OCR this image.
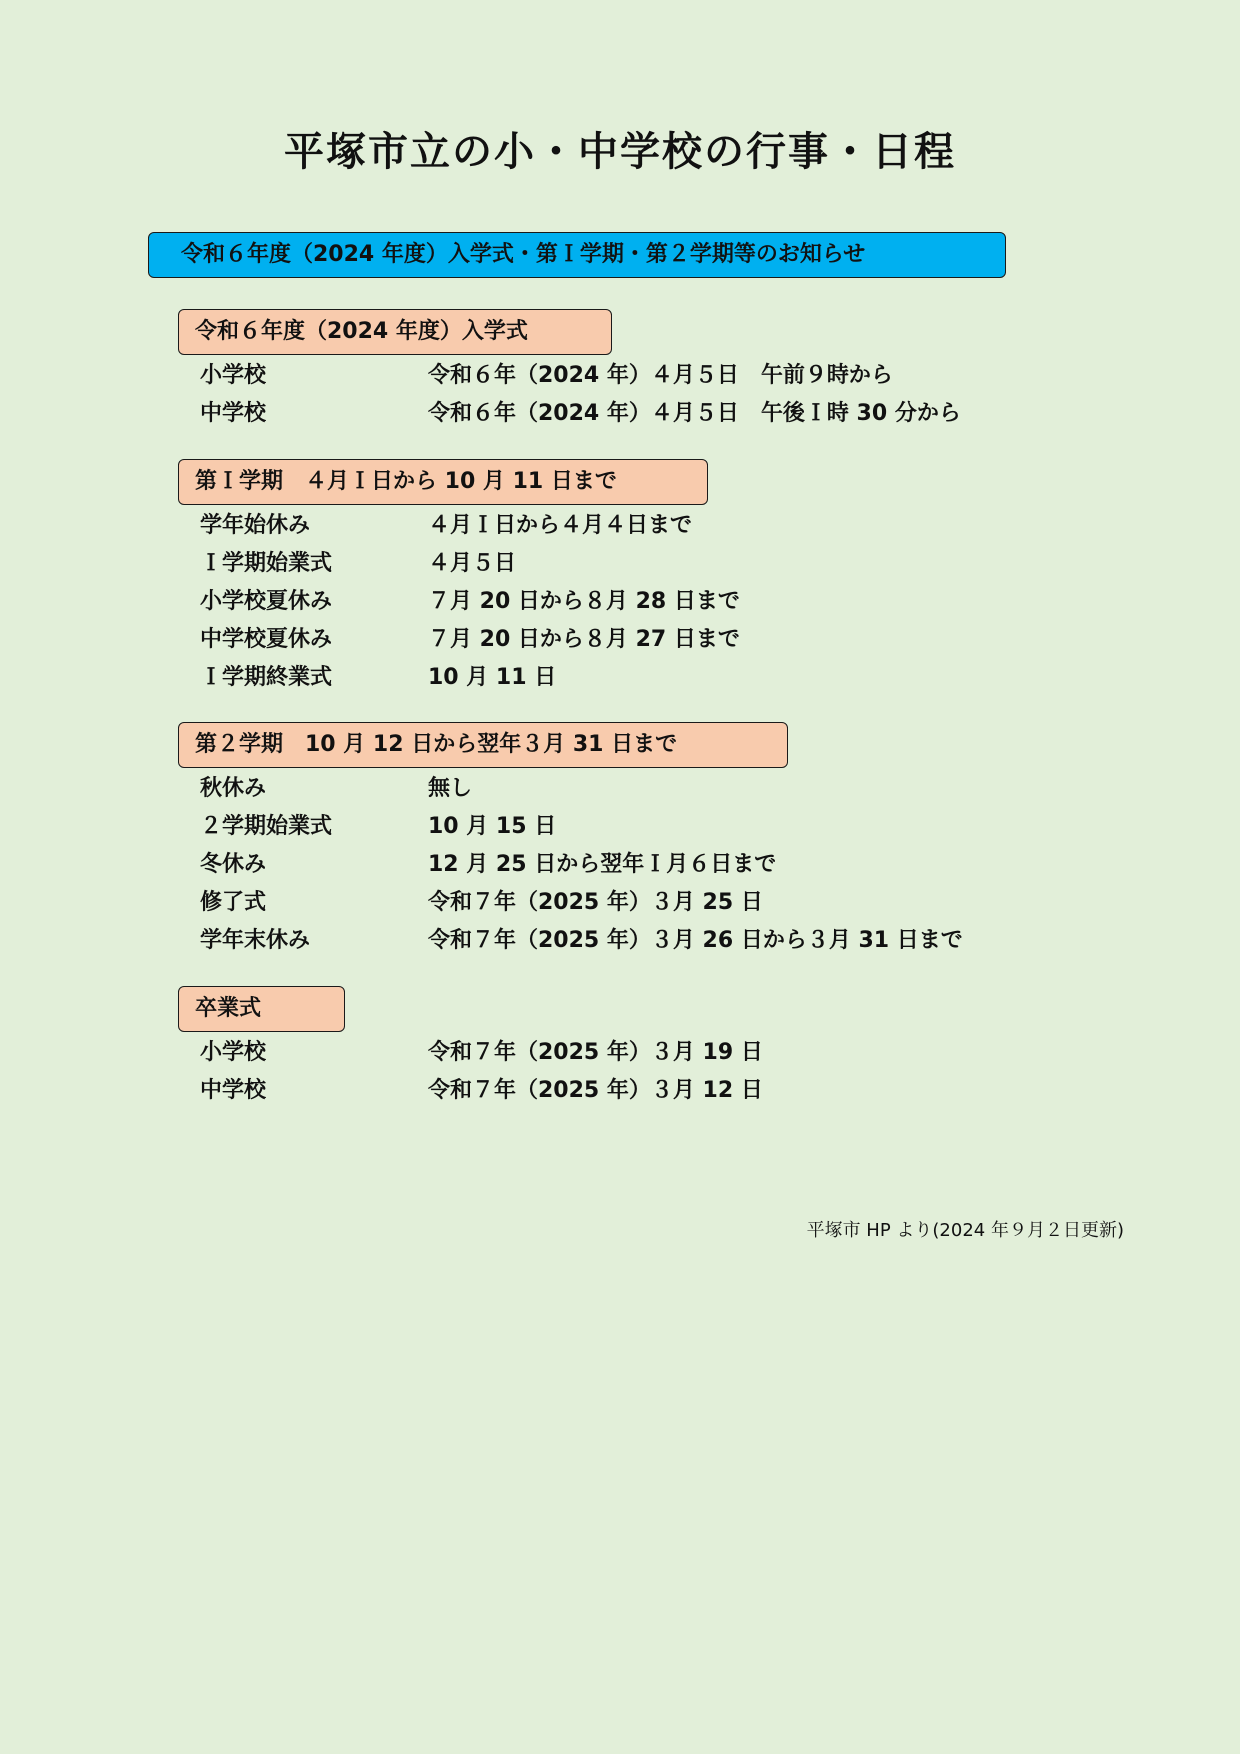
平塚市立の小・中学校の行事・日程
令和６年度（2024 年度）入学式・第Ｉ学期・第２学期等のお知らせ
令和６年度（2024 年度）入学式
小学校	令和６年（2024 年）４月５日　午前９時から
中学校	令和６年（2024 年）４月５日　午後Ｉ時 30 分から
第Ｉ学期　４月Ｉ日から 10 月 11 日まで
学年始休み	４月Ｉ日から４月４日まで
Ｉ学期始業式	４月５日
小学校夏休み	７月 20 日から８月 28 日まで
中学校夏休み	７月 20 日から８月 27 日まで
Ｉ学期終業式	10 月 11 日
第２学期　10 月 12 日から翌年３月 31 日まで
秋休み	無し
２学期始業式	10 月 15 日
冬休み	12 月 25 日から翌年Ｉ月６日まで
修了式	令和７年（2025 年）３月 25 日
学年末休み	令和７年（2025 年）３月 26 日から３月 31 日まで
卒業式
小学校	令和７年（2025 年）３月 19 日
中学校	令和７年（2025 年）３月 12 日
平塚市 HP より(2024 年９月２日更新)
